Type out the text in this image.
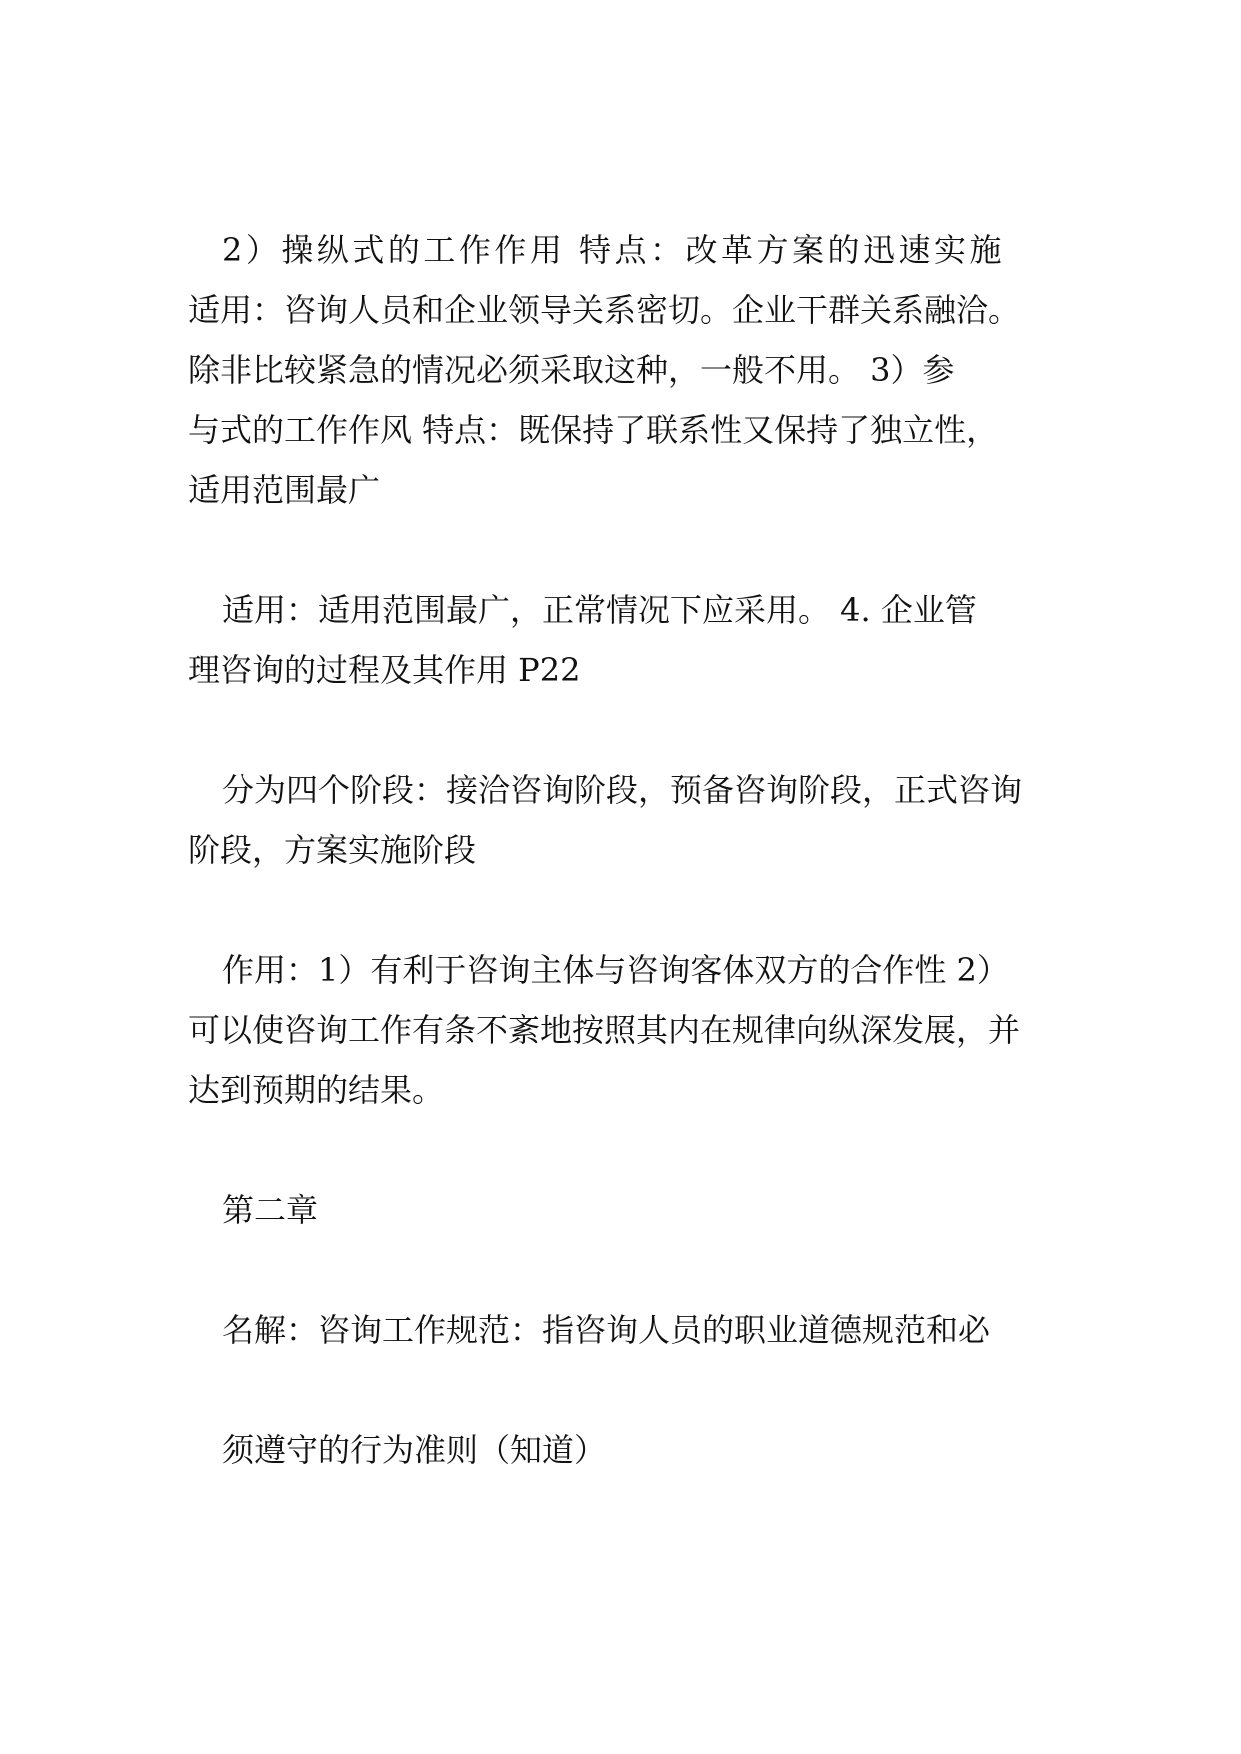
2）操纵式的工作作用 特点：改革方案的迅速实施
适用：咨询人员和企业领导关系密切。企业干群关系融洽。
除非比较紧急的情况必须采取这种，一般不用。 3）参
与式的工作作风 特点：既保持了联系性又保持了独立性，
适用范围最广
适用：适用范围最广，正常情况下应采用。 4. 企业管
理咨询的过程及其作用 P22
分为四个阶段：接洽咨询阶段，预备咨询阶段，正式咨询
阶段，方案实施阶段
作用：1）有利于咨询主体与咨询客体双方的合作性 2）
可以使咨询工作有条不紊地按照其内在规律向纵深发展，并
达到预期的结果。
第二章
名解：咨询工作规范：指咨询人员的职业道德规范和必
须遵守的行为准则（知道）
